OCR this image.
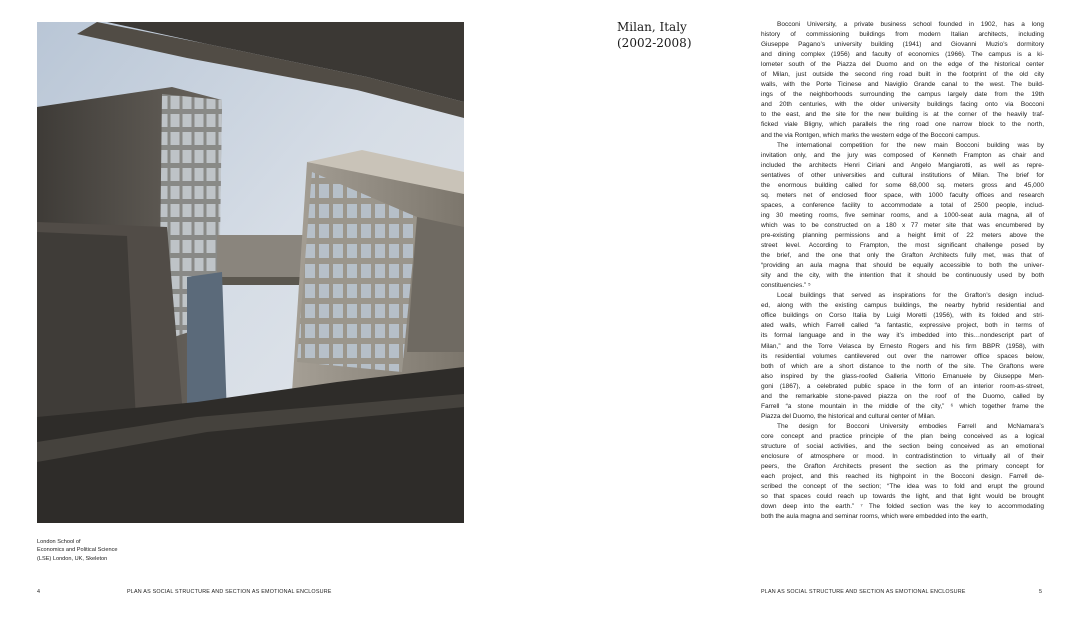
London School of
Economics and Political Science
(LSE) London, UK, Skeleton
4	PLAN AS SOCIAL STRUCTURE AND SECTION AS EMOTIONAL ENCLOSURE
Milan, Italy
(2002-2008)
Bocconi University, a private business school founded in 1902, has a long
history of commissioning buildings from modern Italian architects, including
Giuseppe Pagano’s university building (1941) and Giovanni Muzio’s dormitory
and dining complex (1956) and faculty of economics (1966). The campus is a ki-
lometer south of the Piazza del Duomo and on the edge of the historical center
of Milan, just outside the second ring road built in the footprint of the old city
walls, with the Porte Ticinese and Naviglio Grande canal to the west. The build-
ings of the neighborhoods surrounding the campus largely date from the 19th
and 20th centuries, with the older university buildings facing onto via Bocconi
to the east, and the site for the new building is at the corner of the heavily traf-
ficked viale Bligny, which parallels the ring road one narrow block to the north,
and the via Rontgen, which marks the western edge of the Bocconi campus.
The international competition for the new main Bocconi building was by
invitation only, and the jury was composed of Kenneth Frampton as chair and
included the architects Henri Ciriani and Angelo Mangiarotti, as well as repre-
sentatives of other universities and cultural institutions of Milan. The brief for
the enormous building called for some 68,000 sq. meters gross and 45,000
sq. meters net of enclosed floor space, with 1000 faculty offices and research
spaces, a conference facility to accommodate a total of 2500 people, includ-
ing 30 meeting rooms, five seminar rooms, and a 1000-seat aula magna, all of
which was to be constructed on a 180 x 77 meter site that was encumbered by
pre-existing planning permissions and a height limit of 22 meters above the
street level. According to Frampton, the most significant challenge posed by
the brief, and the one that only the Grafton Architects fully met, was that of
“providing an aula magna that should be equally accessible to both the univer-
sity and the city, with the intention that it should be continuously used by both
constituencies.” ⁵
Local buildings that served as inspirations for the Grafton’s design includ-
ed, along with the existing campus buildings, the nearby hybrid residential and
office buildings on Corso Italia by Luigi Moretti (1956), with its folded and stri-
ated walls, which Farrell called “a fantastic, expressive project, both in terms of
its formal language and in the way it’s imbedded into this…nondescript part of
Milan,” and the Torre Velasca by Ernesto Rogers and his firm BBPR (1958), with
its residential volumes cantilevered out over the narrower office spaces below,
both of which are a short distance to the north of the site. The Graftons were
also inspired by the glass-roofed Galleria Vittorio Emanuele by Giuseppe Men-
goni (1867), a celebrated public space in the form of an interior room-as-street,
and the remarkable stone-paved piazza on the roof of the Duomo, called by
Farrell “a stone mountain in the middle of the city,” ⁶ which together frame the
Piazza del Duomo, the historical and cultural center of Milan.
The design for Bocconi University embodies Farrell and McNamara’s
core concept and practice principle of the plan being conceived as a logical
structure of social activities, and the section being conceived as an emotional
enclosure of atmosphere or mood. In contradistinction to virtually all of their
peers, the Grafton Architects present the section as the primary concept for
each project, and this reached its highpoint in the Bocconi design. Farrell de-
scribed the concept of the section; “The idea was to fold and erupt the ground
so that spaces could reach up towards the light, and that light would be brought
down deep into the earth.” ⁷ The folded section was the key to accommodating
both the aula magna and seminar rooms, which were embedded into the earth,
PLAN AS SOCIAL STRUCTURE AND SECTION AS EMOTIONAL ENCLOSURE	5
